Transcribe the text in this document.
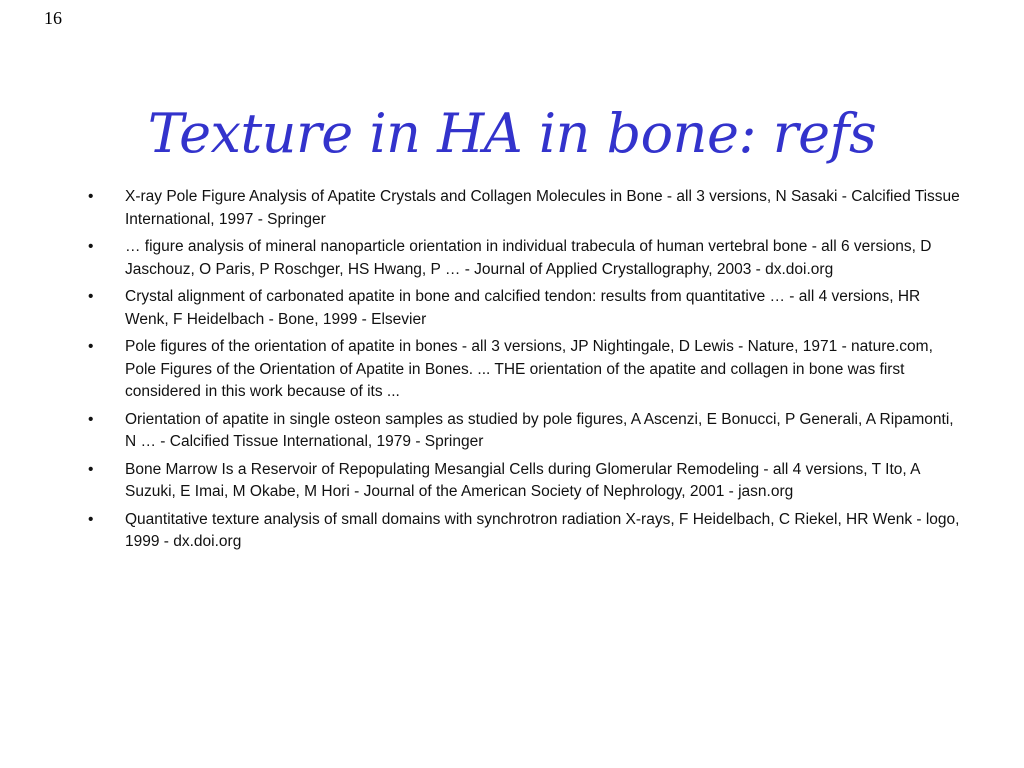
16
Texture in HA in bone: refs
• X-ray Pole Figure Analysis of Apatite Crystals and Collagen Molecules in Bone - all 3 versions, N Sasaki - Calcified Tissue International, 1997 - Springer
• … figure analysis of mineral nanoparticle orientation in individual trabecula of human vertebral bone - all 6 versions, D Jaschouz, O Paris, P Roschger, HS Hwang, P … - Journal of Applied Crystallography, 2003 - dx.doi.org
• Crystal alignment of carbonated apatite in bone and calcified tendon: results from quantitative … - all 4 versions, HR Wenk, F Heidelbach - Bone, 1999 - Elsevier
• Pole figures of the orientation of apatite in bones - all 3 versions, JP Nightingale, D Lewis - Nature, 1971 - nature.com, Pole Figures of the Orientation of Apatite in Bones. ... THE orientation of the apatite and collagen in bone was first considered in this work because of its ...
• Orientation of apatite in single osteon samples as studied by pole figures, A Ascenzi, E Bonucci, P Generali, A Ripamonti, N … - Calcified Tissue International, 1979 - Springer
• Bone Marrow Is a Reservoir of Repopulating Mesangial Cells during Glomerular Remodeling - all 4 versions, T Ito, A Suzuki, E Imai, M Okabe, M Hori - Journal of the American Society of Nephrology, 2001 - jasn.org
• Quantitative texture analysis of small domains with synchrotron radiation X-rays, F Heidelbach, C Riekel, HR Wenk - logo, 1999 - dx.doi.org
